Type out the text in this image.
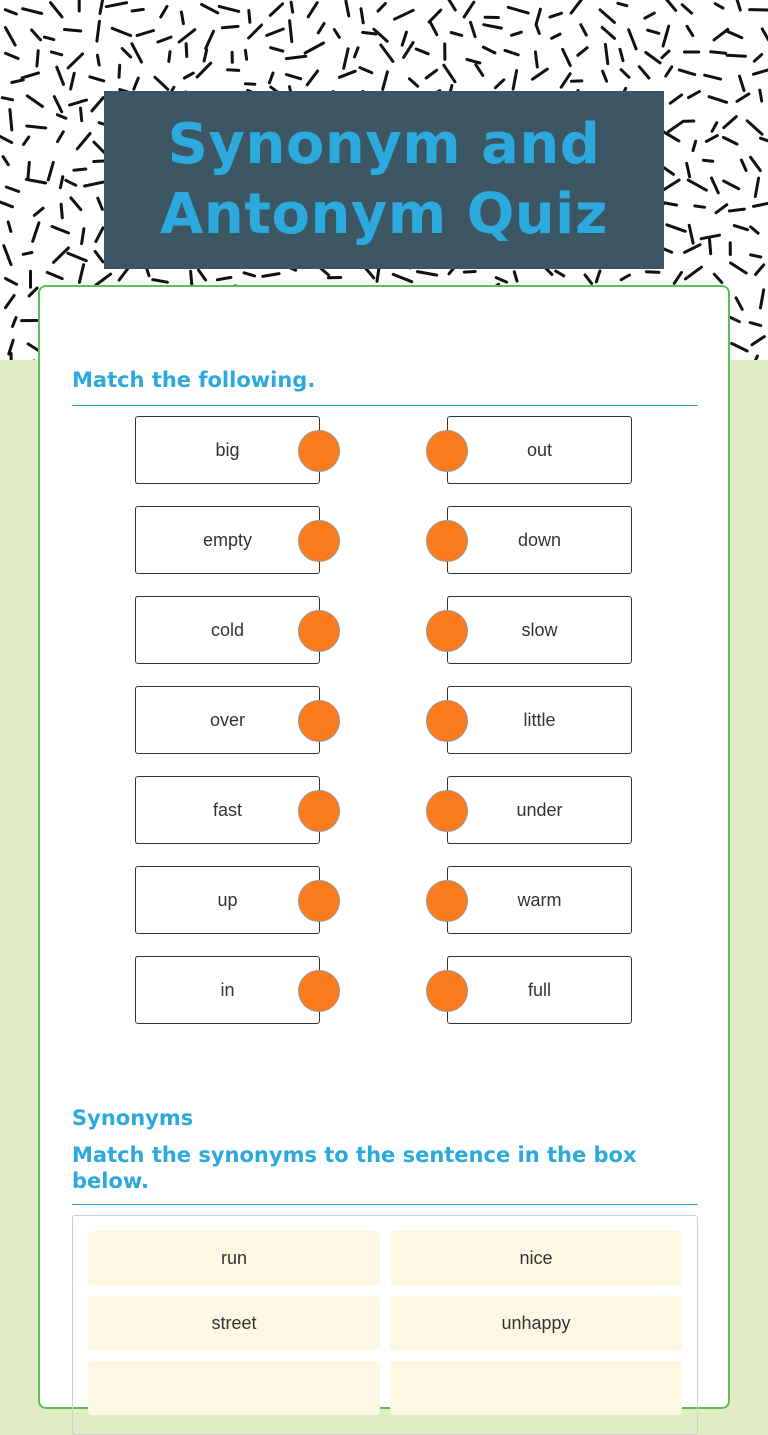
Synonym and Antonym Quiz
Match the following.
big	out
empty	down
cold	slow
over	little
fast	under
up	warm
in	full
Synonyms
Match the synonyms to the sentence in the box below.
run	nice
street	unhappy
